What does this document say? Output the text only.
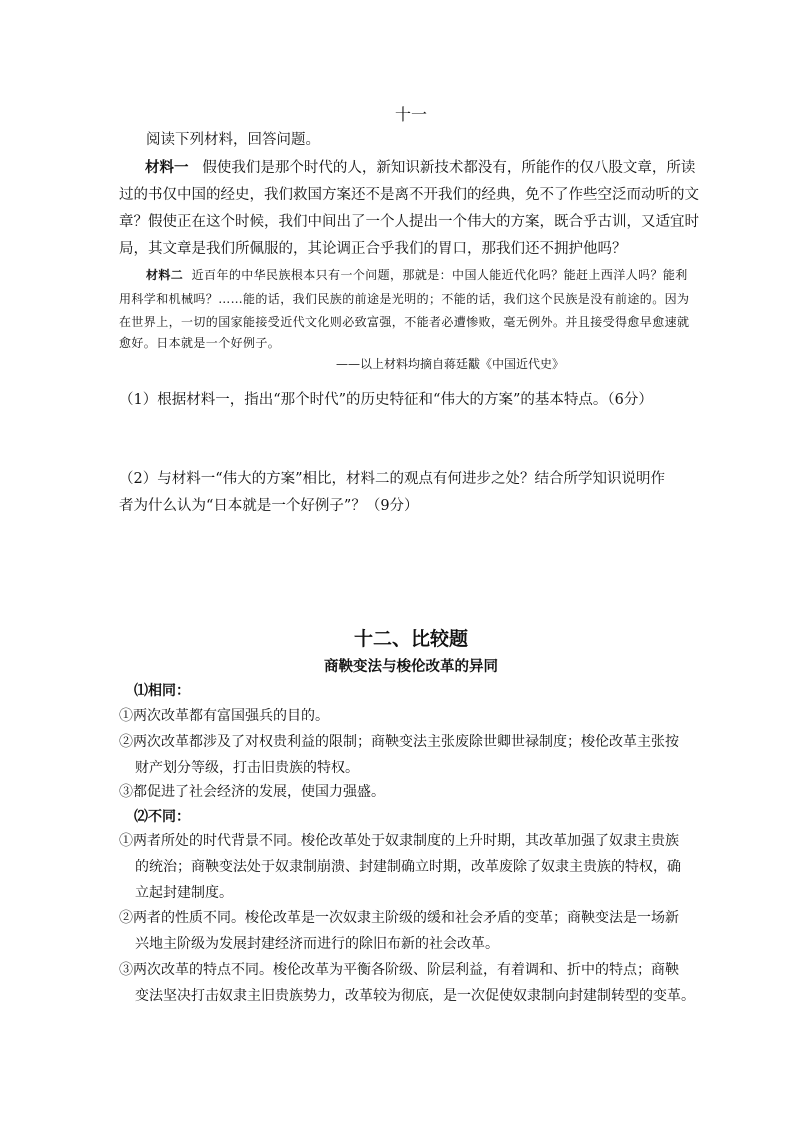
十一

阅读下列材料，回答问题。

材料一 假使我们是那个时代的人，新知识新技术都没有，所能作的仅八股文章，所读

过的书仅中国的经史，我们救国方案还不是离不开我们的经典，免不了作些空泛而动听的文

章？假使正在这个时候，我们中间出了一个人提出一个伟大的方案，既合乎古训，又适宜时

局，其文章是我们所佩服的，其论调正合乎我们的胃口，那我们还不拥护他吗？

材料二 近百年的中华民族根本只有一个问题，那就是：中国人能近代化吗？能赶上西洋人吗？能利

用科学和机械吗？……能的话，我们民族的前途是光明的；不能的话，我们这个民族是没有前途的。因为

在世界上，一切的国家能接受近代文化则必致富强，不能者必遭惨败，毫无例外。并且接受得愈早愈速就

愈好。日本就是一个好例子。

——以上材料均摘自蒋廷黻《中国近代史》

（1）根据材料一，指出“那个时代”的历史特征和“伟大的方案”的基本特点。（6分）

（2）与材料一“伟大的方案”相比，材料二的观点有何进步之处？结合所学知识说明作

者为什么认为“日本就是一个好例子”？（9分）

十二、比较题

商鞅变法与梭伦改革的异同

⑴相同：

①两次改革都有富国强兵的目的。

②两次改革都涉及了对权贵利益的限制；商鞅变法主张废除世卿世禄制度；梭伦改革主张按

财产划分等级，打击旧贵族的特权。

③都促进了社会经济的发展，使国力强盛。

⑵不同：

①两者所处的时代背景不同。梭伦改革处于奴隶制度的上升时期，其改革加强了奴隶主贵族

的统治；商鞅变法处于奴隶制崩溃、封建制确立时期，改革废除了奴隶主贵族的特权，确

立起封建制度。

②两者的性质不同。梭伦改革是一次奴隶主阶级的缓和社会矛盾的变革；商鞅变法是一场新

兴地主阶级为发展封建经济而进行的除旧布新的社会改革。

③两次改革的特点不同。梭伦改革为平衡各阶级、阶层利益，有着调和、折中的特点；商鞅

变法坚决打击奴隶主旧贵族势力，改革较为彻底，是一次促使奴隶制向封建制转型的变革。
